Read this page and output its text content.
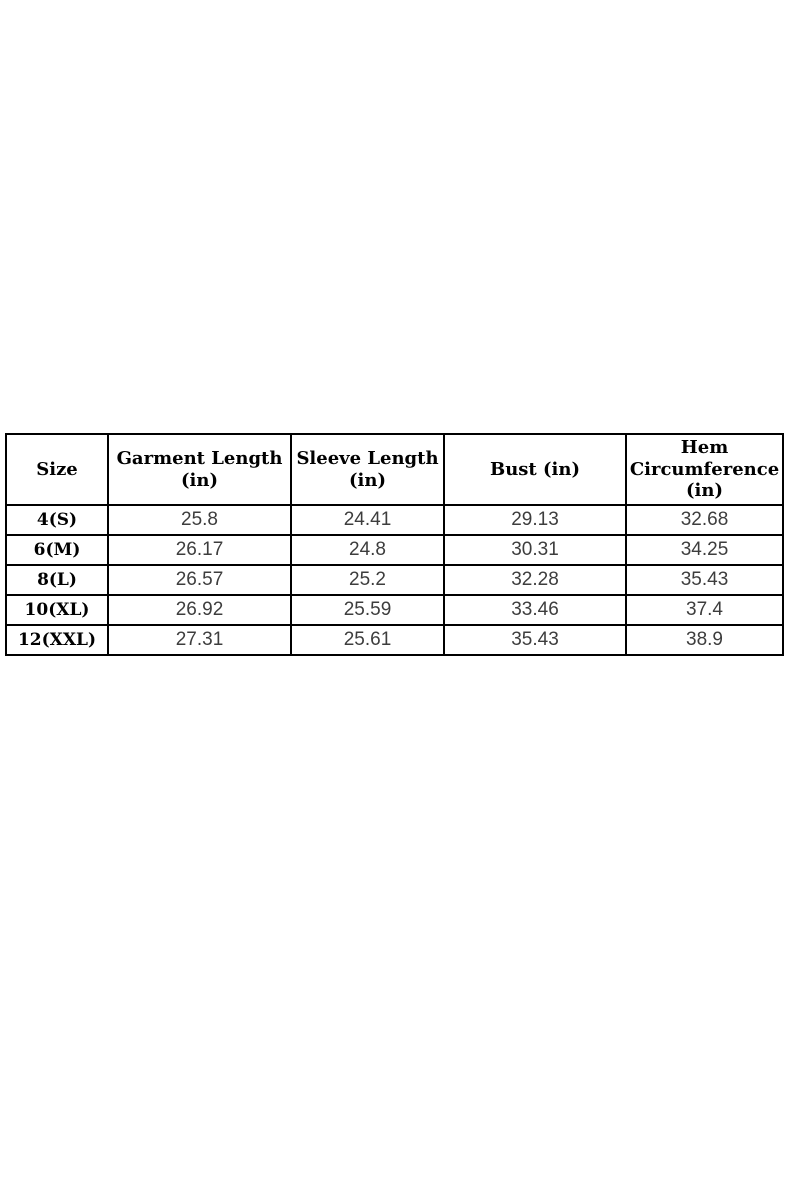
Size	Garment Length (in)	Sleeve Length (in)	Bust (in)	Hem Circumference (in)
4(S)	25.8	24.41	29.13	32.68
6(M)	26.17	24.8	30.31	34.25
8(L)	26.57	25.2	32.28	35.43
10(XL)	26.92	25.59	33.46	37.4
12(XXL)	27.31	25.61	35.43	38.9
